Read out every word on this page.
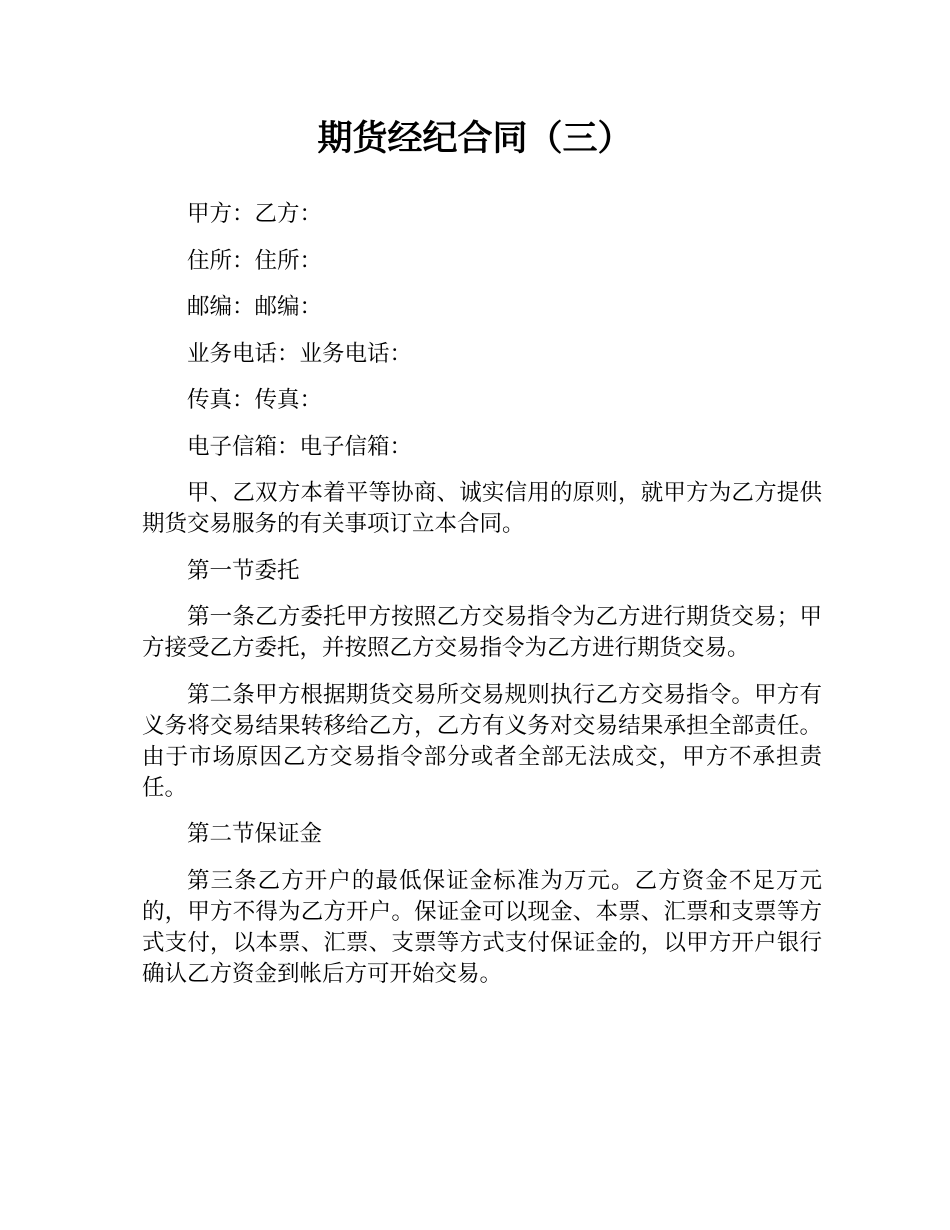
期货经纪合同（三）

甲方：乙方：

住所：住所：

邮编：邮编：

业务电话：业务电话：

传真：传真：

电子信箱：电子信箱：

甲、乙双方本着平等协商、诚实信用的原则，就甲方为乙方提供期货交易服务的有关事项订立本合同。

第一节委托

第一条乙方委托甲方按照乙方交易指令为乙方进行期货交易；甲方接受乙方委托，并按照乙方交易指令为乙方进行期货交易。

第二条甲方根据期货交易所交易规则执行乙方交易指令。甲方有义务将交易结果转移给乙方，乙方有义务对交易结果承担全部责任。由于市场原因乙方交易指令部分或者全部无法成交，甲方不承担责任。

第二节保证金

第三条乙方开户的最低保证金标准为万元。乙方资金不足万元的，甲方不得为乙方开户。保证金可以现金、本票、汇票和支票等方式支付，以本票、汇票、支票等方式支付保证金的，以甲方开户银行确认乙方资金到帐后方可开始交易。
